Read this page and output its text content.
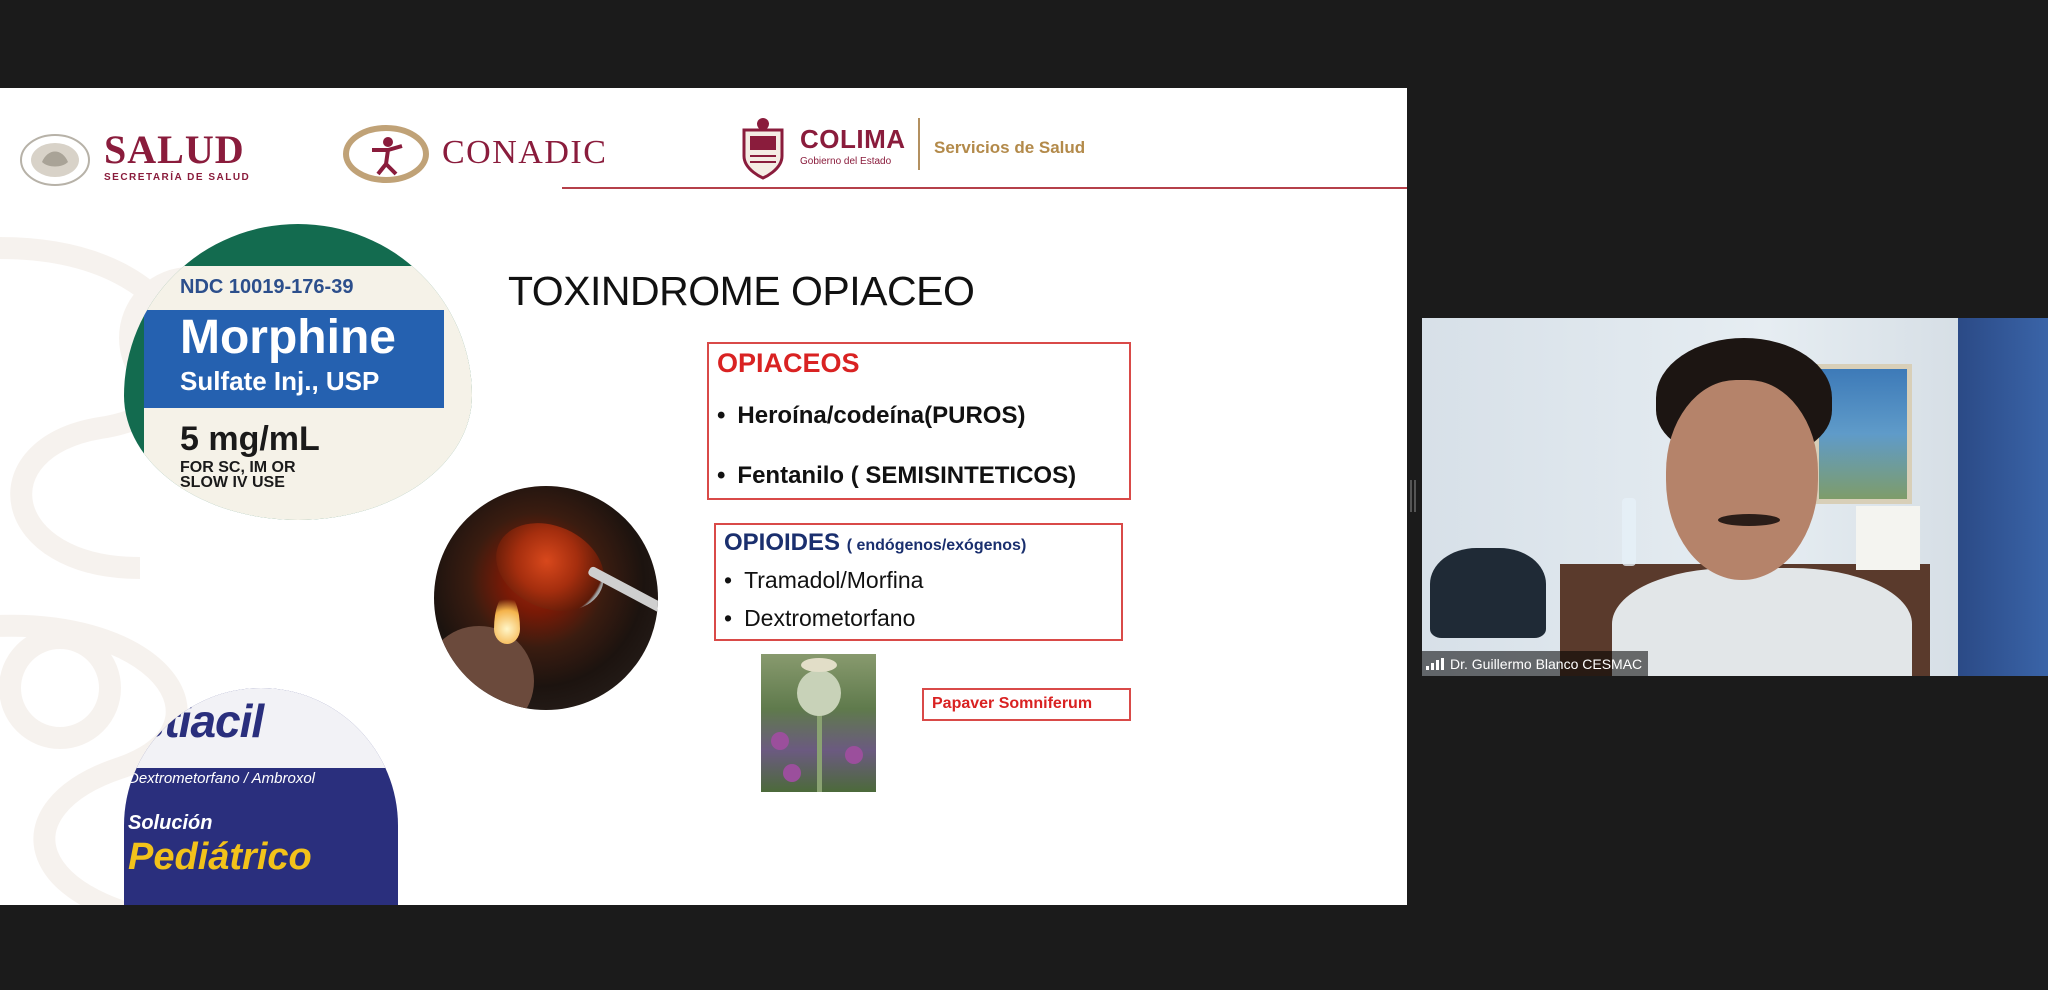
SALUD
SECRETARÍA DE SALUD
CONADIC	COLIMA
Gobierno del Estado
Servicios de Salud
NDC 10019-176-39
Morphine
Sulfate Inj., USP
5 mg/mL
FOR SC, IM OR
SLOW IV USE
istiacil
Dextrometorfano / Ambroxol
Solución
Pediátrico
TOXINDROME OPIACEO
OPIACEOS
• Heroína/codeína(PUROS)
• Fentanilo ( SEMISINTETICOS)
OPIOIDES ( endógenos/exógenos)
• Tramadol/Morfina
• Dextrometorfano
Papaver Somniferum
Dr. Guillermo Blanco CESMAC
